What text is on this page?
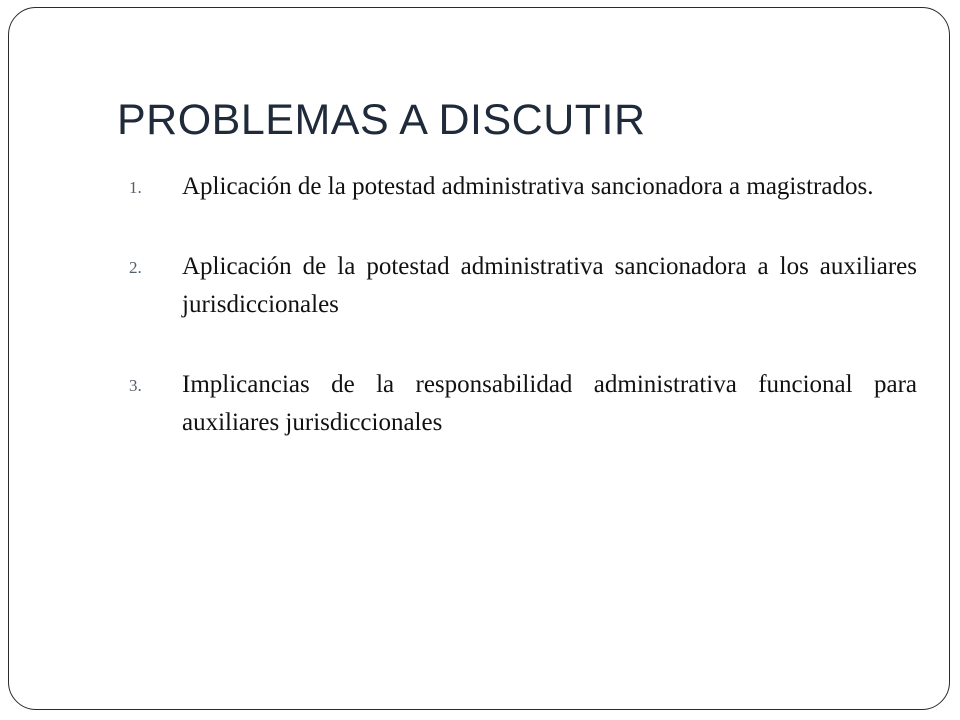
PROBLEMAS A DISCUTIR
1. Aplicación de la potestad administrativa sancionadora a magistrados.
2. Aplicación de la potestad administrativa sancionadora a los auxiliares jurisdiccionales
3. Implicancias de la responsabilidad administrativa funcional para auxiliares jurisdiccionales
